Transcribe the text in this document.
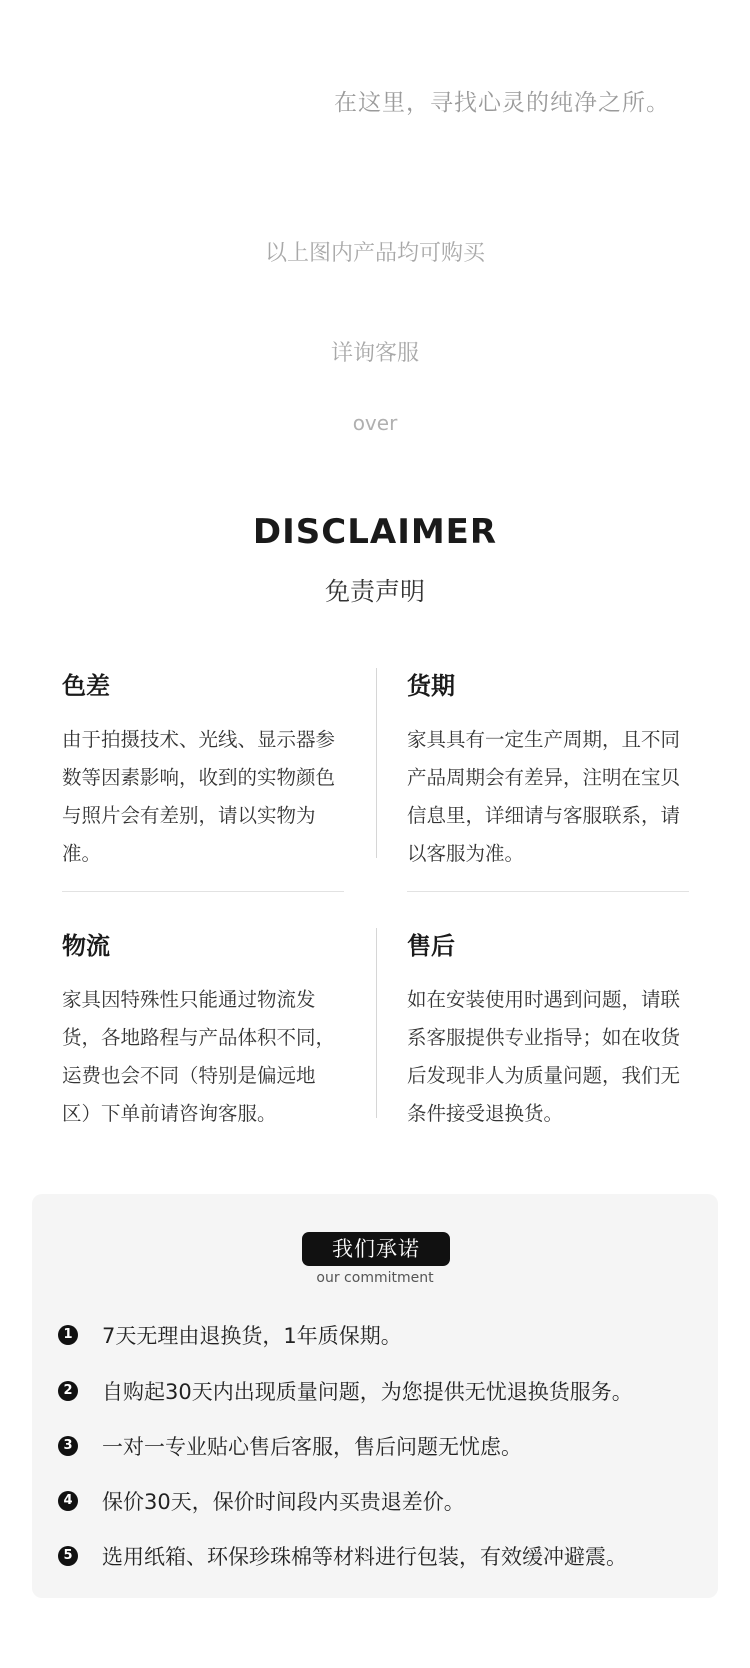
在这里，寻找心灵的纯净之所。
以上图内产品均可购买
详询客服
over
DISCLAIMER
免责声明
色差

由于拍摄技术、光线、显示器参数等因素影响，收到的实物颜色与照片会有差别，请以实物为准。

货期

家具具有一定生产周期，且不同产品周期会有差异，注明在宝贝信息里，详细请与客服联系，请以客服为准。

物流

家具因特殊性只能通过物流发货，各地路程与产品体积不同，运费也会不同（特别是偏远地区）下单前请咨询客服。

售后

如在安装使用时遇到问题，请联系客服提供专业指导；如在收货后发现非人为质量问题，我们无条件接受退换货。

我们承诺
our commitment
1 7天无理由退换货，1年质保期。
2 自购起30天内出现质量问题，为您提供无忧退换货服务。
3 一对一专业贴心售后客服，售后问题无忧虑。
4 保价30天，保价时间段内买贵退差价。
5 选用纸箱、环保珍珠棉等材料进行包装，有效缓冲避震。
